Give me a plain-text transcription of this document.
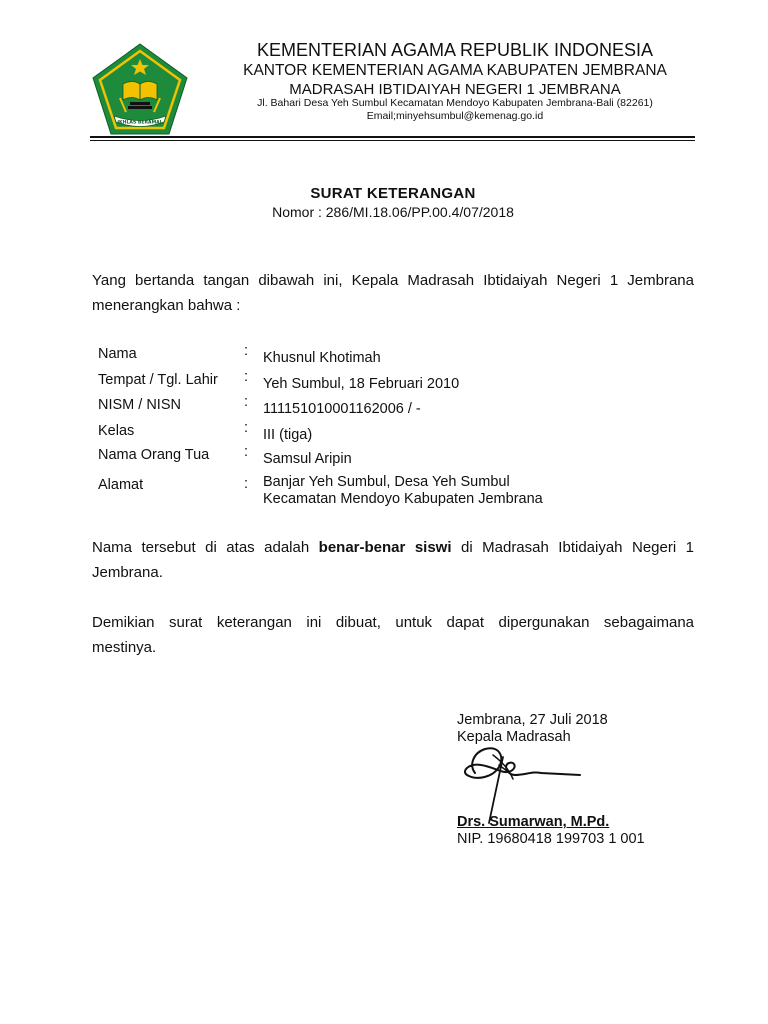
IKHLAS BERAMAL
KEMENTERIAN AGAMA REPUBLIK INDONESIA
KANTOR KEMENTERIAN AGAMA KABUPATEN JEMBRANA
MADRASAH IBTIDAIYAH NEGERI 1 JEMBRANA
Jl. Bahari Desa Yeh Sumbul Kecamatan Mendoyo Kabupaten Jembrana-Bali (82261)
Email;minyehsumbul@kemenag.go.id
SURAT KETERANGAN
Nomor : 286/MI.18.06/PP.00.4/07/2018
Yang bertanda tangan dibawah ini, Kepala Madrasah Ibtidaiyah Negeri 1 Jembrana
menerangkan bahwa :
Nama	: Khusnul Khotimah
Tempat / Tgl. Lahir : Yeh Sumbul, 18 Februari 2010
NISM / NISN	: 111151010001162006 / -
Kelas	: III (tiga)
Nama Orang Tua : Samsul Aripin
Alamat	: Banjar Yeh Sumbul, Desa Yeh Sumbul
Kecamatan Mendoyo Kabupaten Jembrana
Nama tersebut di atas adalah benar-benar siswi di Madrasah Ibtidaiyah Negeri 1
Jembrana.
Demikian surat keterangan ini dibuat, untuk dapat dipergunakan sebagaimana
mestinya.
Jembrana, 27 Juli 2018
Kepala Madrasah
Drs. Sumarwan, M.Pd.
NIP. 19680418 199703 1 001
